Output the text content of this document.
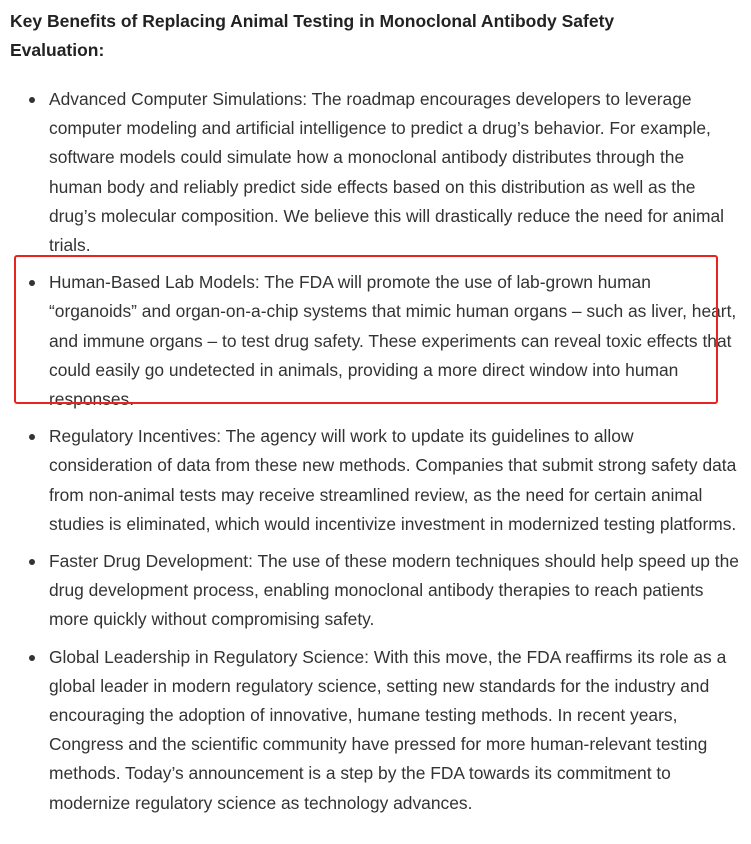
Key Benefits of Replacing Animal Testing in Monoclonal Antibody Safety Evaluation:

Advanced Computer Simulations: The roadmap encourages developers to leverage computer modeling and artificial intelligence to predict a drug’s behavior. For example, software models could simulate how a monoclonal antibody distributes through the human body and reliably predict side effects based on this distribution as well as the drug’s molecular composition. We believe this will drastically reduce the need for animal trials.
Human-Based Lab Models: The FDA will promote the use of lab-grown human “organoids” and organ-on-a-chip systems that mimic human organs – such as liver, heart, and immune organs – to test drug safety. These experiments can reveal toxic effects that could easily go undetected in animals, providing a more direct window into human responses.
Regulatory Incentives: The agency will work to update its guidelines to allow consideration of data from these new methods. Companies that submit strong safety data from non-animal tests may receive streamlined review, as the need for certain animal studies is eliminated, which would incentivize investment in modernized testing platforms.
Faster Drug Development: The use of these modern techniques should help speed up the drug development process, enabling monoclonal antibody therapies to reach patients more quickly without compromising safety.
Global Leadership in Regulatory Science: With this move, the FDA reaffirms its role as a global leader in modern regulatory science, setting new standards for the industry and encouraging the adoption of innovative, humane testing methods. In recent years, Congress and the scientific community have pressed for more human-relevant testing methods. Today’s announcement is a step by the FDA towards its commitment to modernize regulatory science as technology advances.
